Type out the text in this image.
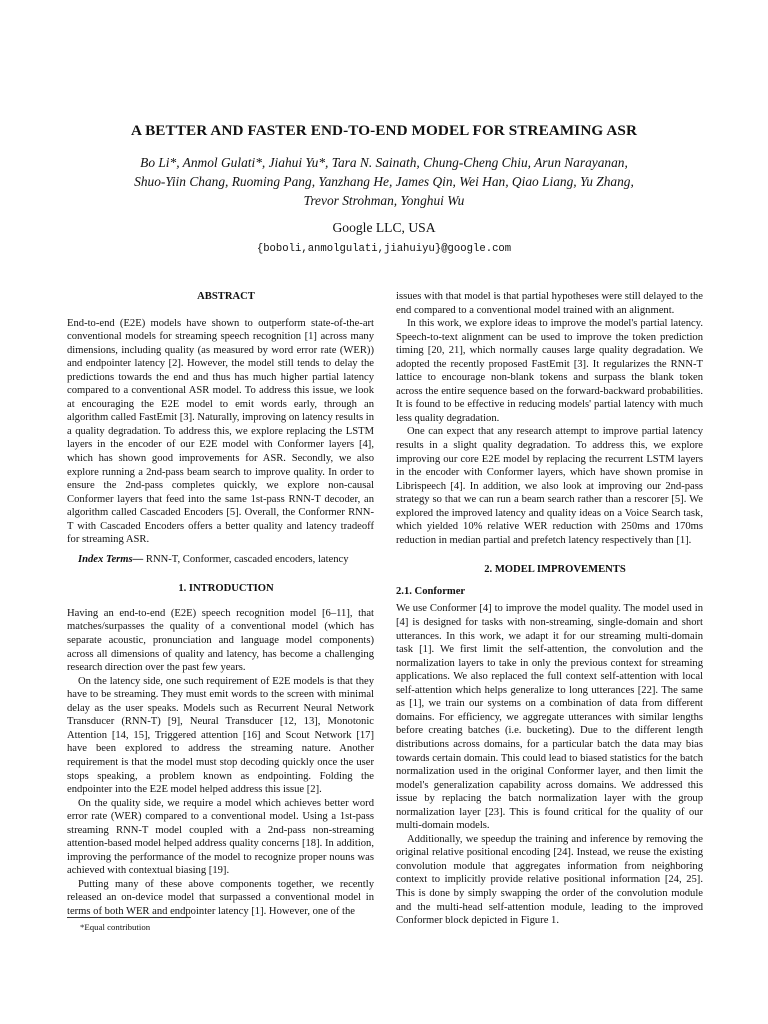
A BETTER AND FASTER END-TO-END MODEL FOR STREAMING ASR
Bo Li*, Anmol Gulati*, Jiahui Yu*, Tara N. Sainath, Chung-Cheng Chiu, Arun Narayanan,
Shuo-Yiin Chang, Ruoming Pang, Yanzhang He, James Qin, Wei Han, Qiao Liang, Yu Zhang,
Trevor Strohman, Yonghui Wu
Google LLC, USA
{boboli,anmolgulati,jiahuiyu}@google.com

ABSTRACT

End-to-end (E2E) models have shown to outperform state-of-the-art conventional models for streaming speech recognition [1] across many dimensions, including quality (as measured by word error rate (WER)) and endpointer latency [2]. However, the model still tends to delay the predictions towards the end and thus has much higher partial latency compared to a conventional ASR model. To address this issue, we look at encouraging the E2E model to emit words early, through an algorithm called FastEmit [3]. Naturally, improving on latency results in a quality degradation. To address this, we explore replacing the LSTM layers in the encoder of our E2E model with Conformer layers [4], which has shown good improvements for ASR. Secondly, we also explore running a 2nd-pass beam search to improve quality. In order to ensure the 2nd-pass completes quickly, we explore non-causal Conformer layers that feed into the same 1st-pass RNN-T decoder, an algorithm called Cascaded Encoders [5]. Overall, the Conformer RNN-T with Cascaded Encoders offers a better quality and latency tradeoff for streaming ASR.

Index Terms— RNN-T, Conformer, cascaded encoders, latency

1. INTRODUCTION

Having an end-to-end (E2E) speech recognition model [6–11], that matches/surpasses the quality of a conventional model (which has separate acoustic, pronunciation and language model components) across all dimensions of quality and latency, has become a challenging research direction over the past few years.

On the latency side, one such requirement of E2E models is that they have to be streaming. They must emit words to the screen with minimal delay as the user speaks. Models such as Recurrent Neural Network Transducer (RNN-T) [9], Neural Transducer [12, 13], Monotonic Attention [14, 15], Triggered attention [16] and Scout Network [17] have been explored to address the streaming nature. Another requirement is that the model must stop decoding quickly once the user stops speaking, a problem known as endpointing. Folding the endpointer into the E2E model helped address this issue [2].

On the quality side, we require a model which achieves better word error rate (WER) compared to a conventional model. Using a 1st-pass streaming RNN-T model coupled with a 2nd-pass non-streaming attention-based model helped address quality concerns [18]. In addition, improving the performance of the model to recognize proper nouns was achieved with contextual biasing [19].

Putting many of these above components together, we recently released an on-device model that surpassed a conventional model in terms of both WER and endpointer latency [1]. However, one of the

*Equal contribution

issues with that model is that partial hypotheses were still delayed to the end compared to a conventional model trained with an alignment.

In this work, we explore ideas to improve the model's partial latency. Speech-to-text alignment can be used to improve the token prediction timing [20, 21], which normally causes large quality degradation. We adopted the recently proposed FastEmit [3]. It regularizes the RNN-T lattice to encourage non-blank tokens and surpass the blank token across the entire sequence based on the forward-backward probabilities. It is found to be effective in reducing models' partial latency with much less quality degradation.

One can expect that any research attempt to improve partial latency results in a slight quality degradation. To address this, we explore improving our core E2E model by replacing the recurrent LSTM layers in the encoder with Conformer layers, which have shown promise in Librispeech [4]. In addition, we also look at improving our 2nd-pass strategy so that we can run a beam search rather than a rescorer [5]. We explored the improved latency and quality ideas on a Voice Search task, which yielded 10% relative WER reduction with 250ms and 170ms reduction in median partial and prefetch latency respectively than [1].

2. MODEL IMPROVEMENTS

2.1. Conformer

We use Conformer [4] to improve the model quality. The model used in [4] is designed for tasks with non-streaming, single-domain and short utterances. In this work, we adapt it for our streaming multi-domain task [1]. We first limit the self-attention, the convolution and the normalization layers to take in only the previous context for streaming applications. We also replaced the full context self-attention with local self-attention which helps generalize to long utterances [22]. The same as [1], we train our systems on a combination of data from different domains. For efficiency, we aggregate utterances with similar lengths before creating batches (i.e. bucketing). Due to the different length distributions across domains, for a particular batch the data may bias towards certain domain. This could lead to biased statistics for the batch normalization used in the original Conformer layer, and then limit the model's generalization capability across domains. We addressed this issue by replacing the batch normalization layer with the group normalization layer [23]. This is found critical for the quality of our multi-domain models.

Additionally, we speedup the training and inference by removing the original relative positional encoding [24]. Instead, we reuse the existing convolution module that aggregates information from neighboring context to implicitly provide relative positional information [24, 25]. This is done by simply swapping the order of the convolution module and the multi-head self-attention module, leading to the improved Conformer block depicted in Figure 1.
